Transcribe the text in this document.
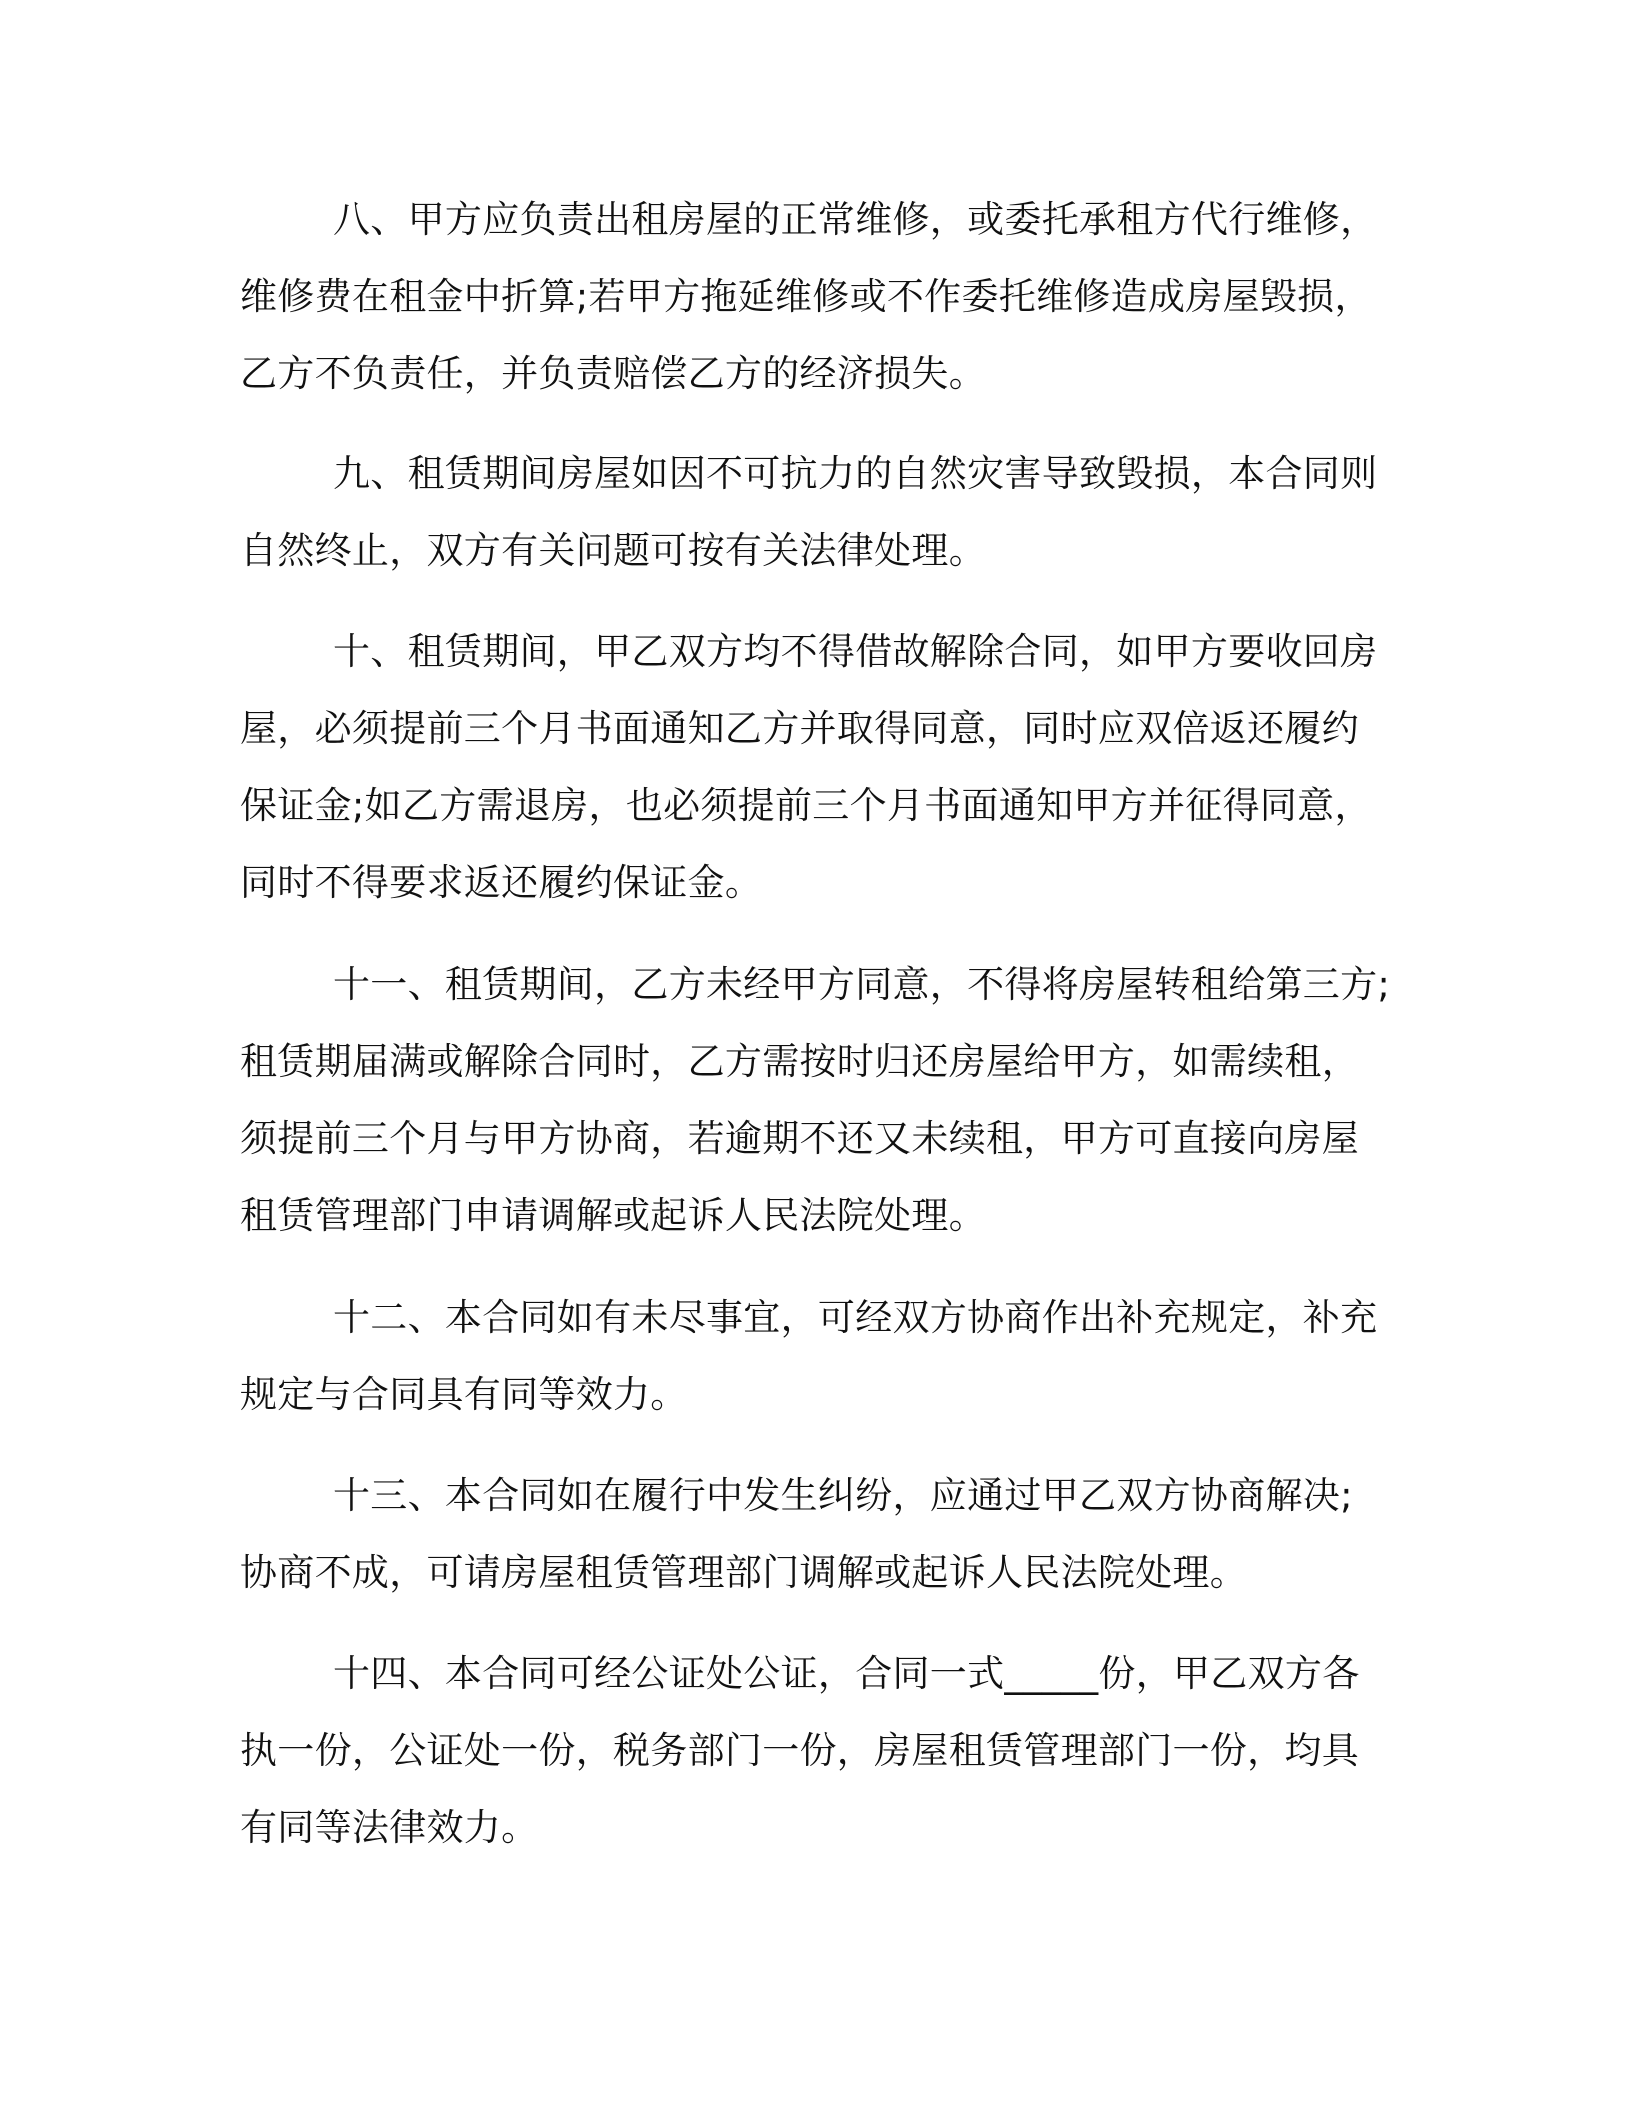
八、甲方应负责出租房屋的正常维修，或委托承租方代行维修，
维修费在租金中折算;若甲方拖延维修或不作委托维修造成房屋毁损，
乙方不负责任，并负责赔偿乙方的经济损失。
九、租赁期间房屋如因不可抗力的自然灾害导致毁损，本合同则
自然终止，双方有关问题可按有关法律处理。
十、租赁期间，甲乙双方均不得借故解除合同，如甲方要收回房
屋，必须提前三个月书面通知乙方并取得同意，同时应双倍返还履约
保证金;如乙方需退房，也必须提前三个月书面通知甲方并征得同意，
同时不得要求返还履约保证金。
十一、租赁期间，乙方未经甲方同意，不得将房屋转租给第三方;
租赁期届满或解除合同时，乙方需按时归还房屋给甲方，如需续租，
须提前三个月与甲方协商，若逾期不还又未续租，甲方可直接向房屋
租赁管理部门申请调解或起诉人民法院处理。
十二、本合同如有未尽事宜，可经双方协商作出补充规定，补充
规定与合同具有同等效力。
十三、本合同如在履行中发生纠纷，应通过甲乙双方协商解决;
协商不成，可请房屋租赁管理部门调解或起诉人民法院处理。
十四、本合同可经公证处公证，合同一式_____份，甲乙双方各
执一份，公证处一份，税务部门一份，房屋租赁管理部门一份，均具
有同等法律效力。
